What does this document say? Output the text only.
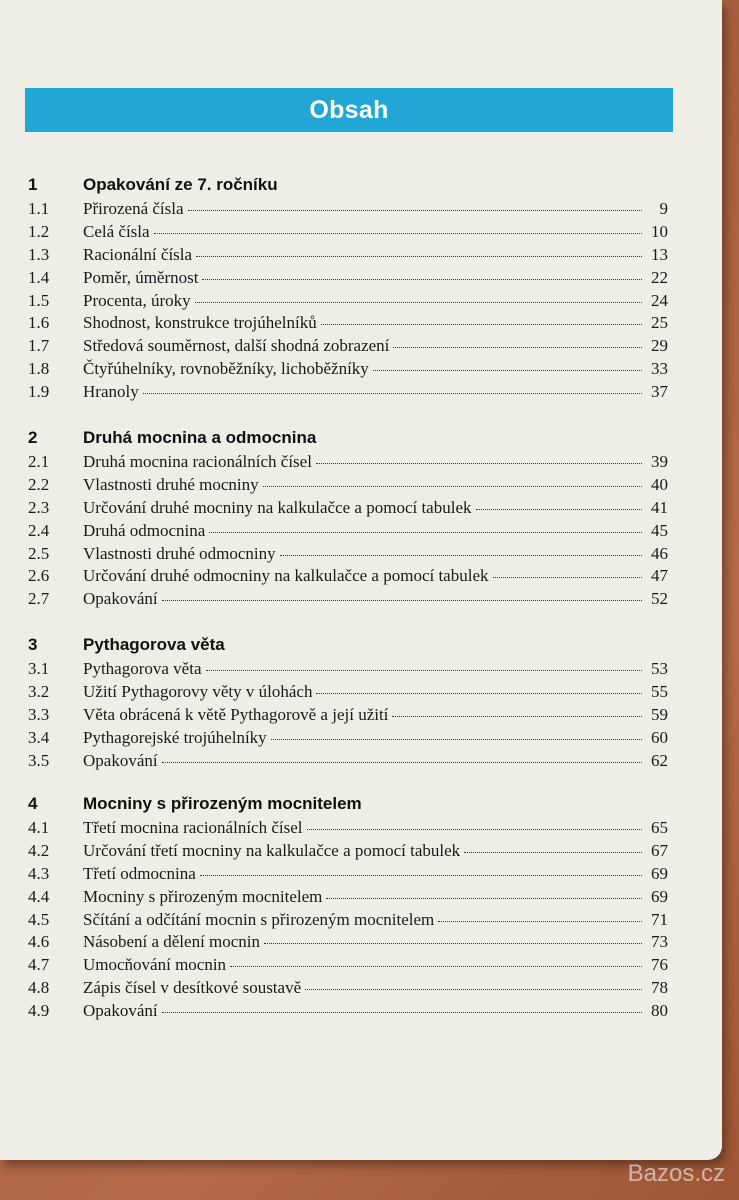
Obsah
1	Opakování ze 7. ročníku
1.1	Přirozená čísla	9
1.2	Celá čísla	10
1.3	Racionální čísla	13
1.4	Poměr, úměrnost	22
1.5	Procenta, úroky	24
1.6	Shodnost, konstrukce trojúhelníků	25
1.7	Středová souměrnost, další shodná zobrazení	29
1.8	Čtyřúhelníky, rovnoběžníky, lichoběžníky	33
1.9	Hranoly	37
2	Druhá mocnina a odmocnina
2.1	Druhá mocnina racionálních čísel	39
2.2	Vlastnosti druhé mocniny	40
2.3	Určování druhé mocniny na kalkulačce a pomocí tabulek	41
2.4	Druhá odmocnina	45
2.5	Vlastnosti druhé odmocniny	46
2.6	Určování druhé odmocniny na kalkulačce a pomocí tabulek	47
2.7	Opakování	52
3	Pythagorova věta
3.1	Pythagorova věta	53
3.2	Užití Pythagorovy věty v úlohách	55
3.3	Věta obrácená k větě Pythagorově a její užití	59
3.4	Pythagorejské trojúhelníky	60
3.5	Opakování	62
4	Mocniny s přirozeným mocnitelem
4.1	Třetí mocnina racionálních čísel	65
4.2	Určování třetí mocniny na kalkulačce a pomocí tabulek	67
4.3	Třetí odmocnina	69
4.4	Mocniny s přirozeným mocnitelem	69
4.5	Sčítání a odčítání mocnin s přirozeným mocnitelem	71
4.6	Násobení a dělení mocnin	73
4.7	Umocňování mocnin	76
4.8	Zápis čísel v desítkové soustavě	78
4.9	Opakování	80
Bazos.cz
